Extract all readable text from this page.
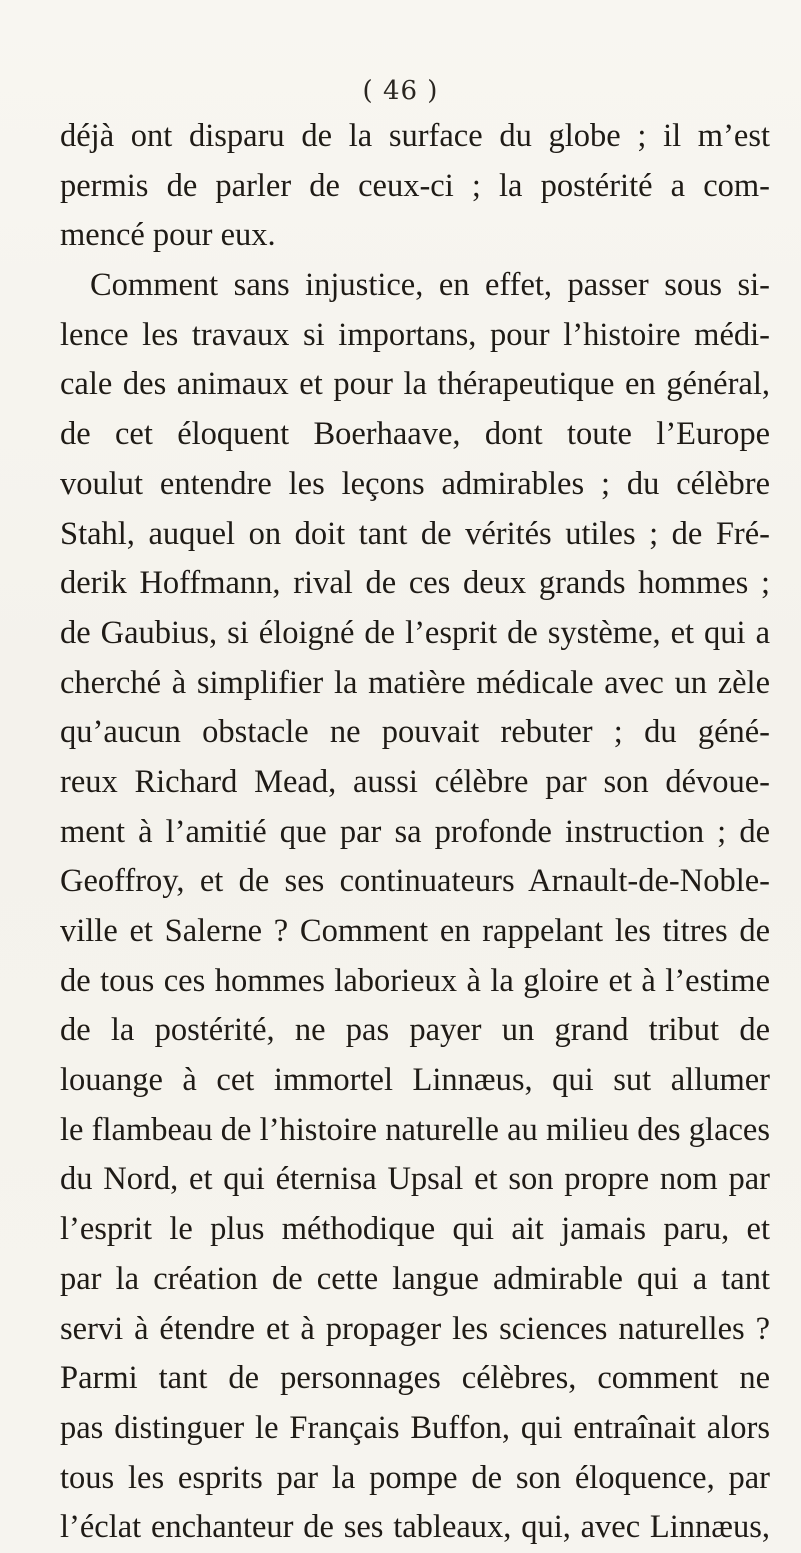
( 46 )
déjà ont disparu de la surface du globe ; il m’est
permis de parler de ceux-ci ; la postérité a com-
mencé pour eux.
Comment sans injustice, en effet, passer sous si-
lence les travaux si importans, pour l’histoire médi-
cale des animaux et pour la thérapeutique en général,
de cet éloquent Boerhaave, dont toute l’Europe
voulut entendre les leçons admirables ; du célèbre
Stahl, auquel on doit tant de vérités utiles ; de Fré-
derik Hoffmann, rival de ces deux grands hommes ;
de Gaubius, si éloigné de l’esprit de système, et qui a
cherché à simplifier la matière médicale avec un zèle
qu’aucun obstacle ne pouvait rebuter ; du géné-
reux Richard Mead, aussi célèbre par son dévoue-
ment à l’amitié que par sa profonde instruction ; de
Geoffroy, et de ses continuateurs Arnault-de-Noble-
ville et Salerne ? Comment en rappelant les titres de
de tous ces hommes laborieux à la gloire et à l’estime
de la postérité, ne pas payer un grand tribut de
louange à cet immortel Linnæus, qui sut allumer
le flambeau de l’histoire naturelle au milieu des glaces
du Nord, et qui éternisa Upsal et son propre nom par
l’esprit le plus méthodique qui ait jamais paru, et
par la création de cette langue admirable qui a tant
servi à étendre et à propager les sciences naturelles ?
Parmi tant de personnages célèbres, comment ne
pas distinguer le Français Buffon, qui entraînait alors
tous les esprits par la pompe de son éloquence, par
l’éclat enchanteur de ses tableaux, qui, avec Linnæus,
